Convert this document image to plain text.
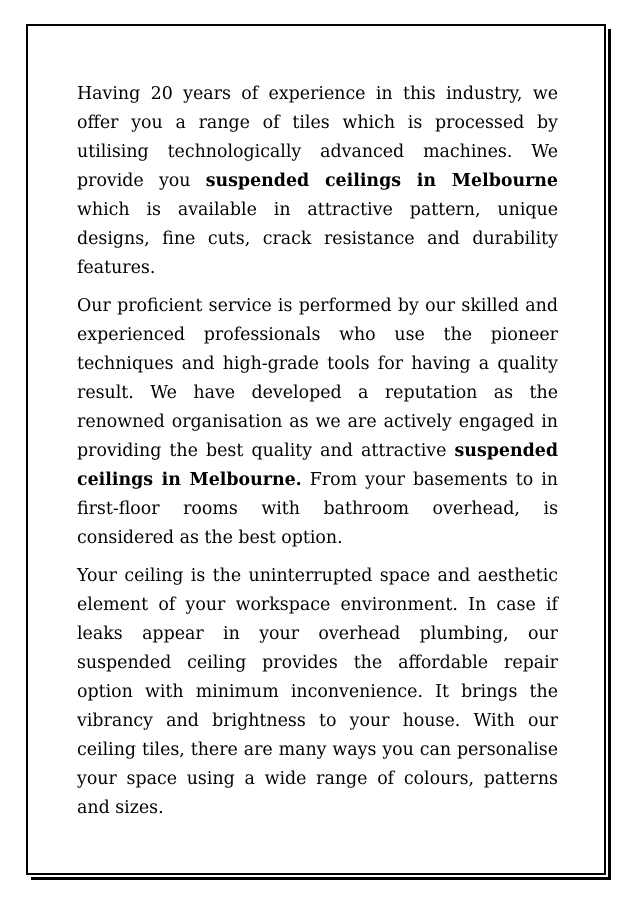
Having 20 years of experience in this industry, we offer you a range of tiles which is processed by utilising technologically advanced machines. We provide you suspended ceilings in Melbourne which is available in attractive pattern, unique designs, fine cuts, crack resistance and durability features.

Our proficient service is performed by our skilled and experienced professionals who use the pioneer techniques and high-grade tools for having a quality result. We have developed a reputation as the renowned organisation as we are actively engaged in providing the best quality and attractive suspended ceilings in Melbourne. From your basements to in first-floor rooms with bathroom overhead, is considered as the best option.

Your ceiling is the uninterrupted space and aesthetic element of your workspace environment. In case if leaks appear in your overhead plumbing, our suspended ceiling provides the affordable repair option with minimum inconvenience. It brings the vibrancy and brightness to your house. With our ceiling tiles, there are many ways you can personalise your space using a wide range of colours, patterns and sizes.
